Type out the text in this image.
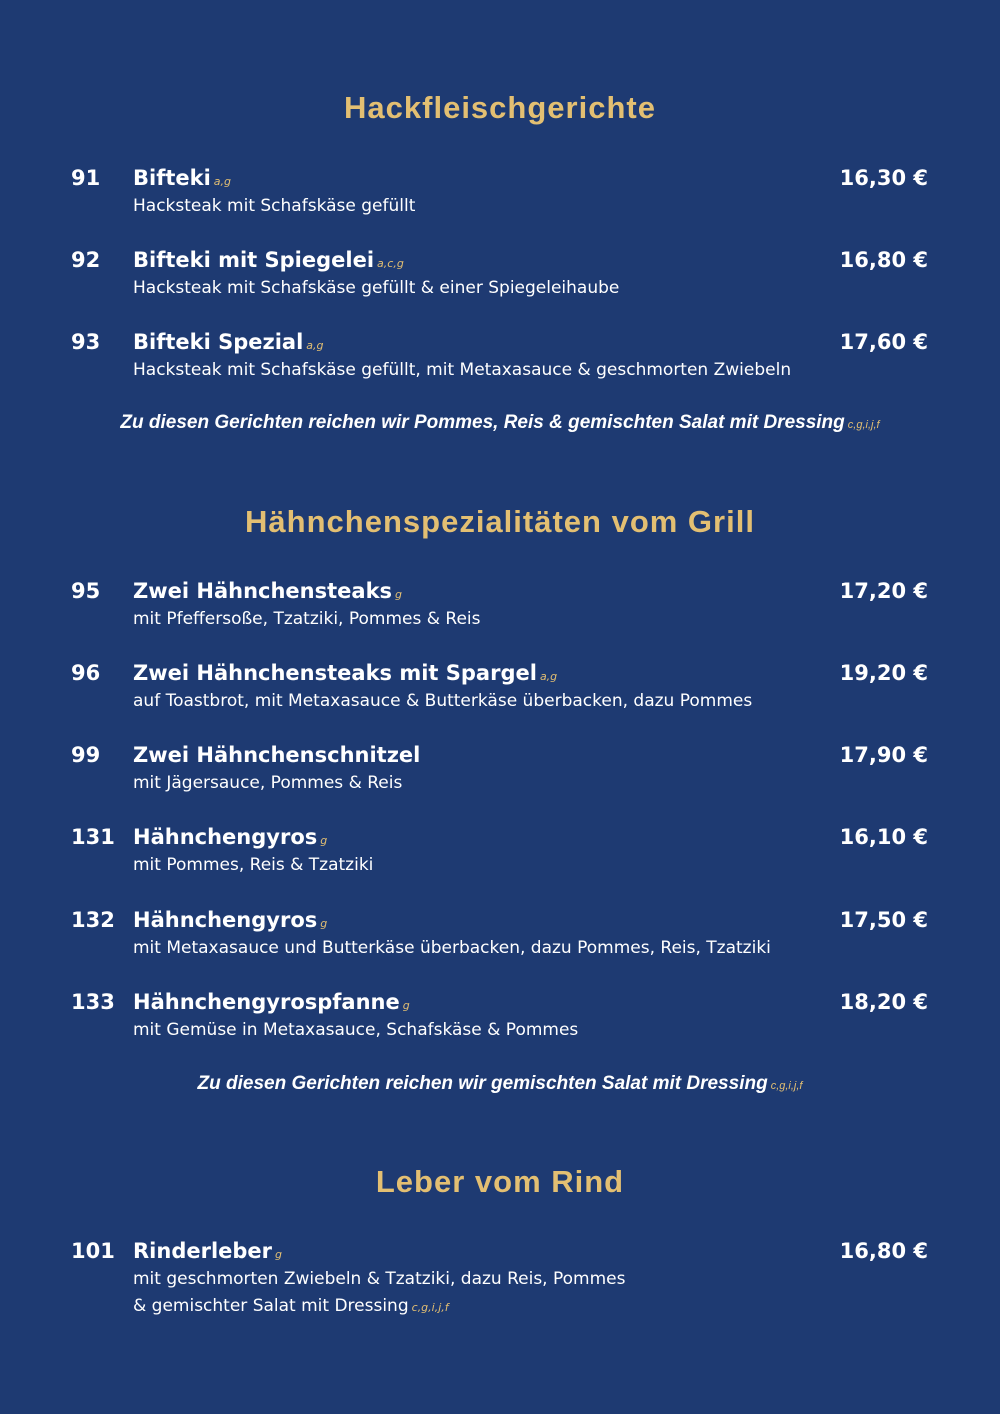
Hackfleischgerichte
91 Bifteki a,g
Hacksteak mit Schafskäse gefüllt
16,30 €
92 Bifteki mit Spiegelei a,c,g
Hacksteak mit Schafskäse gefüllt & einer Spiegeleihaube
16,80 €
93 Bifteki Spezial a,g
Hacksteak mit Schafskäse gefüllt, mit Metaxasauce & geschmorten Zwiebeln
17,60 €
Zu diesen Gerichten reichen wir Pommes, Reis & gemischten Salat mit Dressing c,g,i,j,f
Hähnchenspezialitäten vom Grill
95 Zwei Hähnchensteaks g
mit Pfeffersoße, Tzatziki, Pommes & Reis
17,20 €
96 Zwei Hähnchensteaks mit Spargel a,g
auf Toastbrot, mit Metaxasauce & Butterkäse überbacken, dazu Pommes
19,20 €
99 Zwei Hähnchenschnitzel
mit Jägersauce, Pommes & Reis
17,90 €
131 Hähnchengyros g
mit Pommes, Reis & Tzatziki
16,10 €
132 Hähnchengyros g
mit Metaxasauce und Butterkäse überbacken, dazu Pommes, Reis, Tzatziki
17,50 €
133 Hähnchengyrospfanne g
mit Gemüse in Metaxasauce, Schafskäse & Pommes
18,20 €
Zu diesen Gerichten reichen wir gemischten Salat mit Dressing c,g,i,j,f
Leber vom Rind
101 Rinderleber g
mit geschmorten Zwiebeln & Tzatziki, dazu Reis, Pommes
& gemischter Salat mit Dressing c,g,i,j,f
16,80 €
